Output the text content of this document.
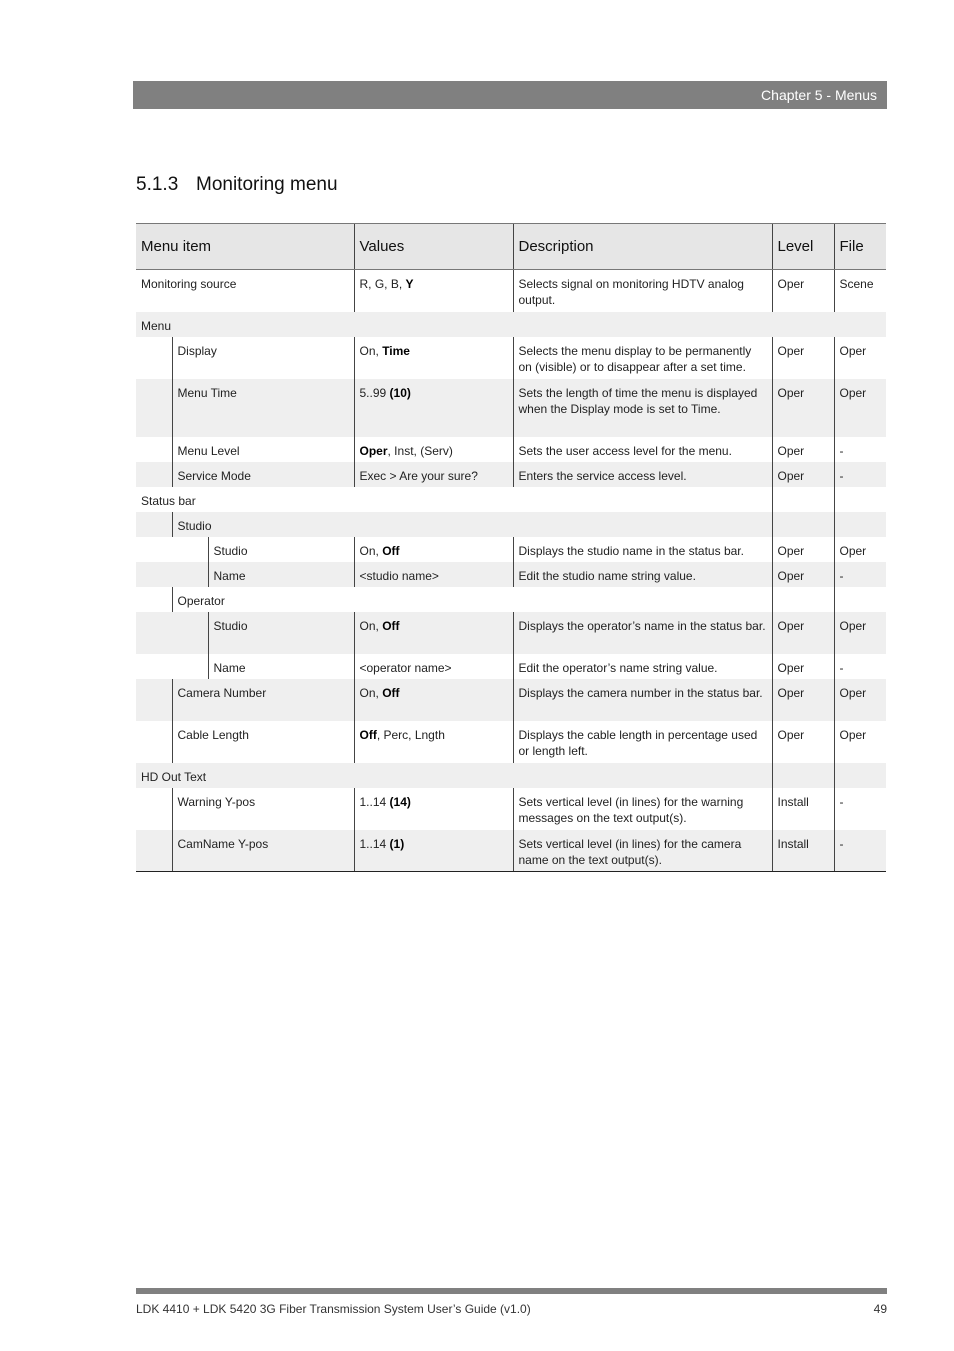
Chapter 5 - Menus
5.1.3 Monitoring menu
Menu item			Values	Description	Level	File
Monitoring source			R, G, B, Y	Selects signal on monitoring HDTV analog output.	Oper	Scene
Menu						
	Display		On, Time	Selects the menu display to be permanently on (visible) or to disappear after a set time.	Oper	Oper
	Menu Time		5..99 (10)	Sets the length of time the menu is displayed when the Display mode is set to Time.	Oper	Oper
	Menu Level		Oper, Inst, (Serv)	Sets the user access level for the menu.	Oper	-
	Service Mode		Exec > Are your sure?	Enters the service access level.	Oper	-
Status bar						
	Studio					
		Studio	On, Off	Displays the studio name in the status bar.	Oper	Oper
		Name	<studio name>	Edit the studio name string value.	Oper	-
	Operator					
		Studio	On, Off	Displays the operator’s name in the status bar.	Oper	Oper
		Name	<operator name>	Edit the operator’s name string value.	Oper	-
	Camera Number		On, Off	Displays the camera number in the status bar.	Oper	Oper
	Cable Length		Off, Perc, Lngth	Displays the cable length in percentage used or length left.	Oper	Oper
HD Out Text						
	Warning Y-pos		1..14 (14)	Sets vertical level (in lines) for the warning messages on the text output(s).	Install	-
	CamName Y-pos		1..14 (1)	Sets vertical level (in lines) for the camera name on the text output(s).	Install	-
LDK 4410 + LDK 5420 3G Fiber Transmission System User’s Guide (v1.0)	49
